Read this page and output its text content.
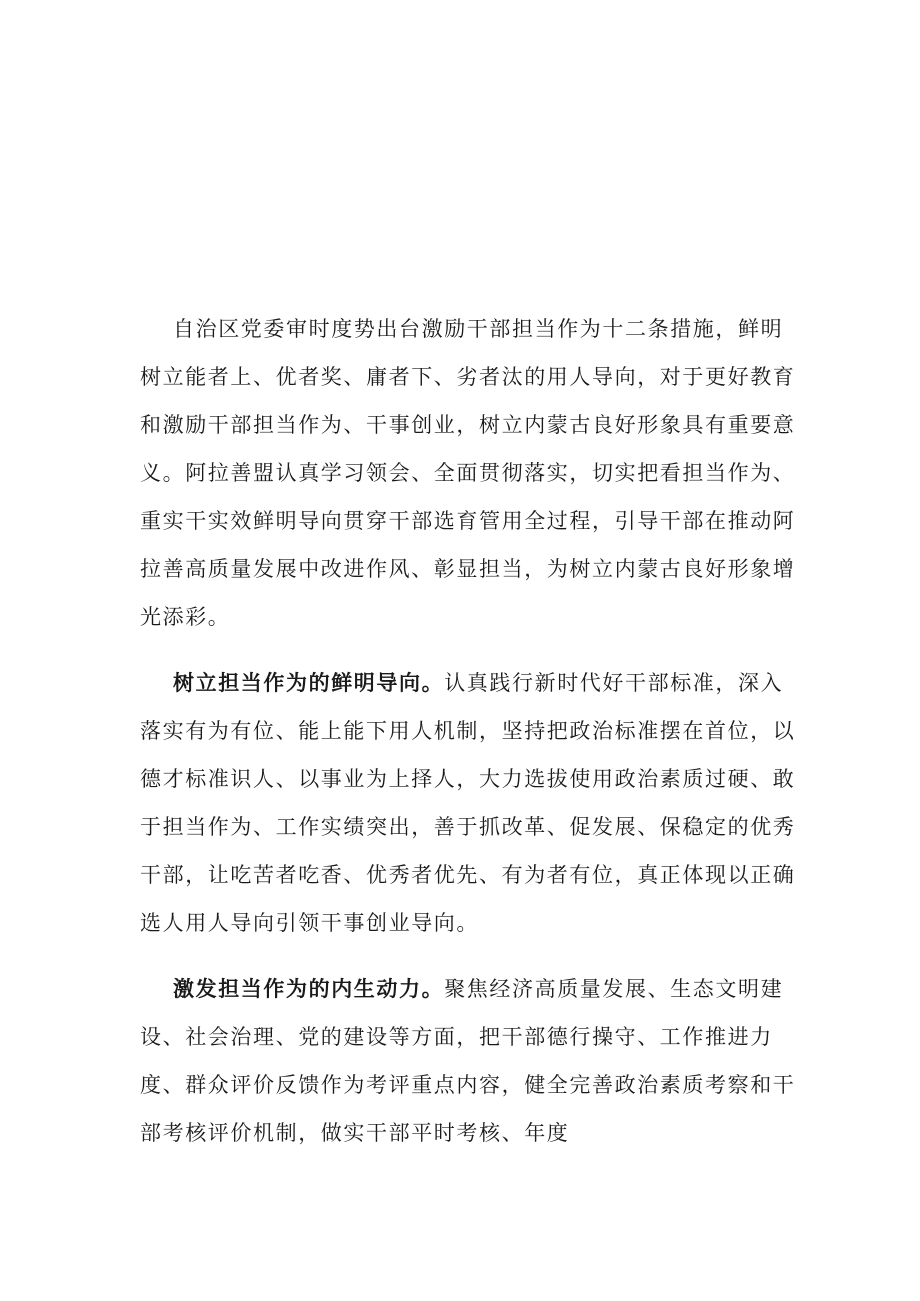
自治区党委审时度势出台激励干部担当作为十二条措施，鲜明树立能者上、优者奖、庸者下、劣者汰的用人导向，对于更好教育和激励干部担当作为、干事创业，树立内蒙古良好形象具有重要意义。阿拉善盟认真学习领会、全面贯彻落实，切实把看担当作为、重实干实效鲜明导向贯穿干部选育管用全过程，引导干部在推动阿拉善高质量发展中改进作风、彰显担当，为树立内蒙古良好形象增光添彩。

树立担当作为的鲜明导向。认真践行新时代好干部标准，深入落实有为有位、能上能下用人机制，坚持把政治标准摆在首位，以德才标准识人、以事业为上择人，大力选拔使用政治素质过硬、敢于担当作为、工作实绩突出，善于抓改革、促发展、保稳定的优秀干部，让吃苦者吃香、优秀者优先、有为者有位，真正体现以正确选人用人导向引领干事创业导向。

激发担当作为的内生动力。聚焦经济高质量发展、生态文明建设、社会治理、党的建设等方面，把干部德行操守、工作推进力度、群众评价反馈作为考评重点内容，健全完善政治素质考察和干部考核评价机制，做实干部平时考核、年度
